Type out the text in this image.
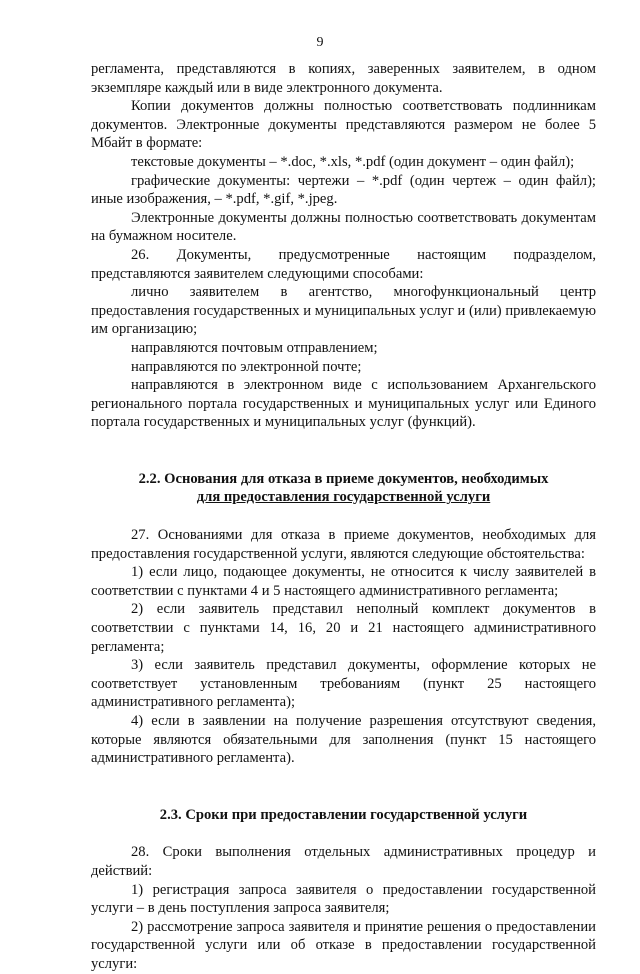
9

регламента, представляются в копиях, заверенных заявителем, в одном экземпляре каждый или в виде электронного документа.

Копии документов должны полностью соответствовать подлинникам документов. Электронные документы представляются размером не более 5 Мбайт в формате:

текстовые документы – *.doc, *.xls, *.pdf (один документ – один файл);

графические документы: чертежи – *.pdf (один чертеж – один файл); иные изображения, – *.pdf, *.gif, *.jpeg.

Электронные документы должны полностью соответствовать документам на бумажном носителе.

26. Документы, предусмотренные настоящим подразделом, представляются заявителем следующими способами:

лично заявителем в агентство, многофункциональный центр предоставления государственных и муниципальных услуг и (или) привлекаемую им организацию;

направляются почтовым отправлением;

направляются по электронной почте;

направляются в электронном виде с использованием Архангельского регионального портала государственных и муниципальных услуг или Единого портала государственных и муниципальных услуг (функций).

2.2. Основания для отказа в приеме документов, необходимых
для предоставления государственной услуги

27. Основаниями для отказа в приеме документов, необходимых для предоставления государственной услуги, являются следующие обстоятельства:

1) если лицо, подающее документы, не относится к числу заявителей в соответствии с пунктами 4 и 5 настоящего административного регламента;

2) если заявитель представил неполный комплект документов в соответствии с пунктами 14, 16, 20 и 21 настоящего административного регламента;

3) если заявитель представил документы, оформление которых не соответствует установленным требованиям (пункт 25 настоящего административного регламента);

4) если в заявлении на получение разрешения отсутствуют сведения, которые являются обязательными для заполнения (пункт 15 настоящего административного регламента).

2.3. Сроки при предоставлении государственной услуги

28. Сроки выполнения отдельных административных процедур и действий:

1) регистрация запроса заявителя о предоставлении государственной услуги – в день поступления запроса заявителя;

2) рассмотрение запроса заявителя и принятие решения о предоставлении государственной услуги или об отказе в предоставлении государственной услуги:
